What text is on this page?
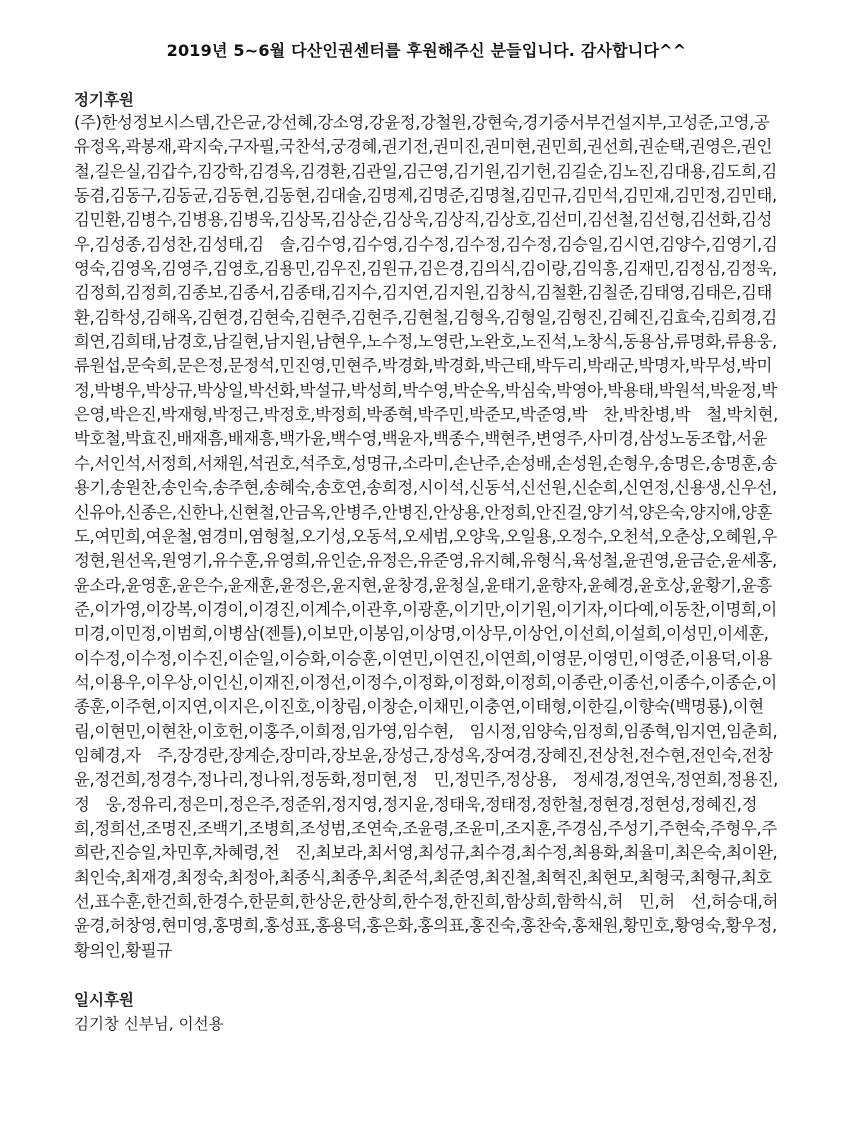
2019년 5~6월 다산인권센터를 후원해주신 분들입니다. 감사합니다^^
정기후원

(주)한성정보시스템,간은균,강선혜,강소영,강윤정,강철원,강현숙,경기중서부건설지부,고성준,고영,공유정옥,곽봉재,곽지숙,구자필,국찬석,궁경혜,권기전,권미진,권미현,권민희,권선희,권순택,권영은,권인철,길은실,김갑수,김강학,김경옥,김경환,김관일,김근영,김기원,김기헌,김길순,김노진,김대용,김도희,김동겸,김동구,김동균,김동현,김동현,김대술,김명제,김명준,김명철,김민규,김민석,김민재,김민정,김민태,김민환,김병수,김병용,김병욱,김상목,김상순,김상욱,김상직,김상호,김선미,김선철,김선형,김선화,김성우,김성종,김성찬,김성태,김　솔,김수영,김수영,김수정,김수정,김수정,김승일,김시연,김양수,김영기,김영숙,김영옥,김영주,김영호,김용민,김우진,김원규,김은경,김의식,김이랑,김익흥,김재민,김정심,김정욱,김정희,김정희,김종보,김종서,김종태,김지수,김지연,김지원,김창식,김철환,김칠준,김태영,김태은,김태환,김학성,김해옥,김현경,김현숙,김현주,김현주,김현철,김형옥,김형일,김형진,김혜진,김효숙,김희경,김희연,김희태,남경호,남길현,남지원,남현우,노수정,노영란,노완호,노진석,노창식,동용삼,류명화,류용웅,류원섭,문숙희,문은정,문정석,민진영,민현주,박경화,박경화,박근태,박두리,박래군,박명자,박무성,박미정,박병우,박상규,박상일,박선화,박설규,박성희,박수영,박순옥,박심숙,박영아,박용태,박원석,박윤정,박은영,박은진,박재형,박정근,박정호,박정희,박종혁,박주민,박준모,박준영,박　찬,박찬병,박　철,박치현,박호철,박효진,배재흠,배재흥,백가윤,백수영,백윤자,백종수,백현주,변영주,사미경,삼성노동조합,서윤수,서인석,서정희,서채원,석권호,석주호,성명규,소라미,손난주,손성배,손성원,손형우,송명은,송명훈,송용기,송원찬,송인숙,송주현,송혜숙,송호연,송희정,시이석,신동석,신선원,신순희,신연정,신용생,신우선,신유아,신종은,신한나,신현철,안금옥,안병주,안병진,안상용,안정희,안진걸,양기석,양은숙,양지애,양훈도,여민희,여운철,염경미,염형철,오기성,오동석,오세범,오양욱,오일용,오정수,오천석,오춘상,오혜원,우정현,원선옥,원영기,유수훈,유영희,유인순,유정은,유준영,유지혜,유형식,육성철,윤권영,윤금순,윤세홍,윤소라,윤영훈,윤은수,윤재훈,윤정은,윤지현,윤창경,윤청실,윤태기,윤향자,윤혜경,윤호상,윤황기,윤흥준,이가영,이강복,이경이,이경진,이계수,이관후,이광훈,이기만,이기원,이기자,이다예,이동찬,이명희,이미경,이민정,이범희,이병삼(젠틀),이보만,이봉임,이상명,이상무,이상언,이선희,이설희,이성민,이세훈,이수정,이수정,이수진,이순일,이승화,이승훈,이연민,이연진,이연희,이영문,이영민,이영준,이용덕,이용석,이용우,이우상,이인신,이재진,이정선,이정수,이정화,이정화,이정희,이종란,이종선,이종수,이종순,이종훈,이주현,이지연,이지은,이진호,이창림,이창순,이채민,이충연,이태형,이한길,이향숙(백명룡),이현림,이현민,이현찬,이호헌,이홍주,이희정,임가영,임수현,　임시정,임양숙,임정희,임종혁,임지연,임춘희,임혜경,자　주,장경란,장계순,장미라,장보윤,장성근,장성옥,장여경,장혜진,전상천,전수현,전인숙,전창윤,정건희,정경수,정나리,정나위,정동화,정미현,정　민,정민주,정상용,　정세경,정연욱,정연희,정용진,정　웅,정유리,정은미,정은주,정준위,정지영,정지윤,정태욱,정태정,정한철,정현경,정현성,정혜진,정　희,정희선,조명진,조백기,조병희,조성범,조연숙,조윤령,조윤미,조지훈,주경심,주성기,주현숙,주형우,주희란,진승일,차민후,차혜령,천　진,최보라,최서영,최성규,최수경,최수정,최용화,최율미,최은숙,최이완,최인숙,최재경,최정숙,최정아,최종식,최종우,최준석,최준영,최진철,최혁진,최현모,최형국,최형규,최호선,표수훈,한건희,한경수,한문희,한상운,한상희,한수정,한진희,함상희,함학식,허　민,허　선,허승대,허윤경,허창영,현미영,홍명희,홍성표,홍용덕,홍은화,홍의표,홍진숙,홍찬숙,홍채원,황민호,황영숙,황우정,황의인,황필규

일시후원

김기창 신부님, 이선용
